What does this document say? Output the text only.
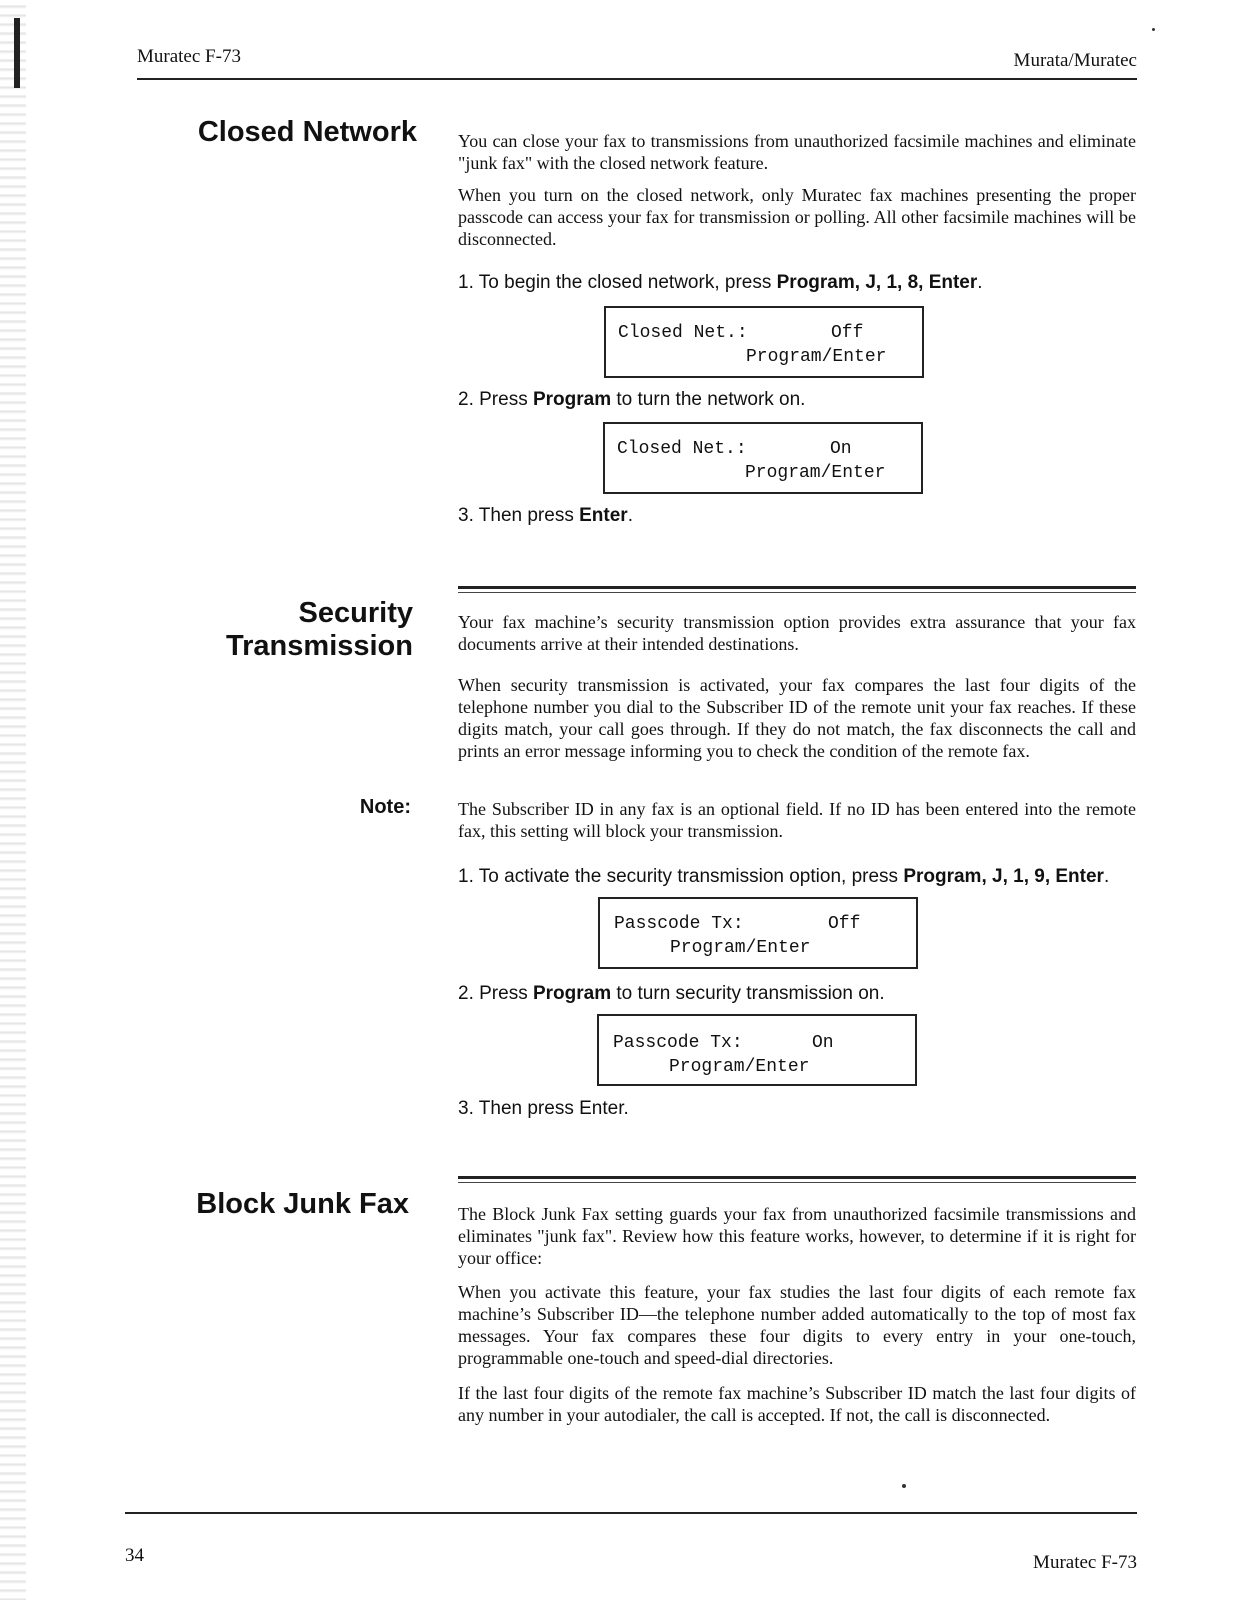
Muratec F-73	Murata/Muratec
Closed Network You can close your fax to transmissions from unauthorized facsimile machines and eliminate "junk fax" with the closed network feature.

When you turn on the closed network, only Muratec fax machines presenting the proper passcode can access your fax for transmission or polling. All other facsimile machines will be disconnected.

1. To begin the closed network, press Program, J, 1, 8, Enter.
Closed Net.:	Off
Program/Enter
2. Press Program to turn the network on.
Closed Net.:	On
Program/Enter
3. Then press Enter.
Security
Transmission

Your fax machine’s security transmission option provides extra assurance that your fax documents arrive at their intended destinations.

When security transmission is activated, your fax compares the last four digits of the telephone number you dial to the Subscriber ID of the remote unit your fax reaches. If these digits match, your call goes through. If they do not match, the fax disconnects the call and prints an error message informing you to check the condition of the remote fax.

Note:	The Subscriber ID in any fax is an optional field. If no ID has been entered into the remote fax, this setting will block your transmission.

1. To activate the security transmission option, press Program, J, 1, 9, Enter.
Passcode Tx:	Off
Program/Enter
2. Press Program to turn security transmission on.
Passcode Tx:	On
Program/Enter
3. Then press Enter.
Block Junk Fax	The Block Junk Fax setting guards your fax from unauthorized facsimile transmissions and eliminates "junk fax". Review how this feature works, however, to determine if it is right for your office:

When you activate this feature, your fax studies the last four digits of each remote fax machine’s Subscriber ID—the telephone number added automatically to the top of most fax messages. Your fax compares these four digits to every entry in your one-touch, programmable one-touch and speed-dial directories.

If the last four digits of the remote fax machine’s Subscriber ID match the last four digits of any number in your autodialer, the call is accepted. If not, the call is disconnected.

34	Muratec F-73
